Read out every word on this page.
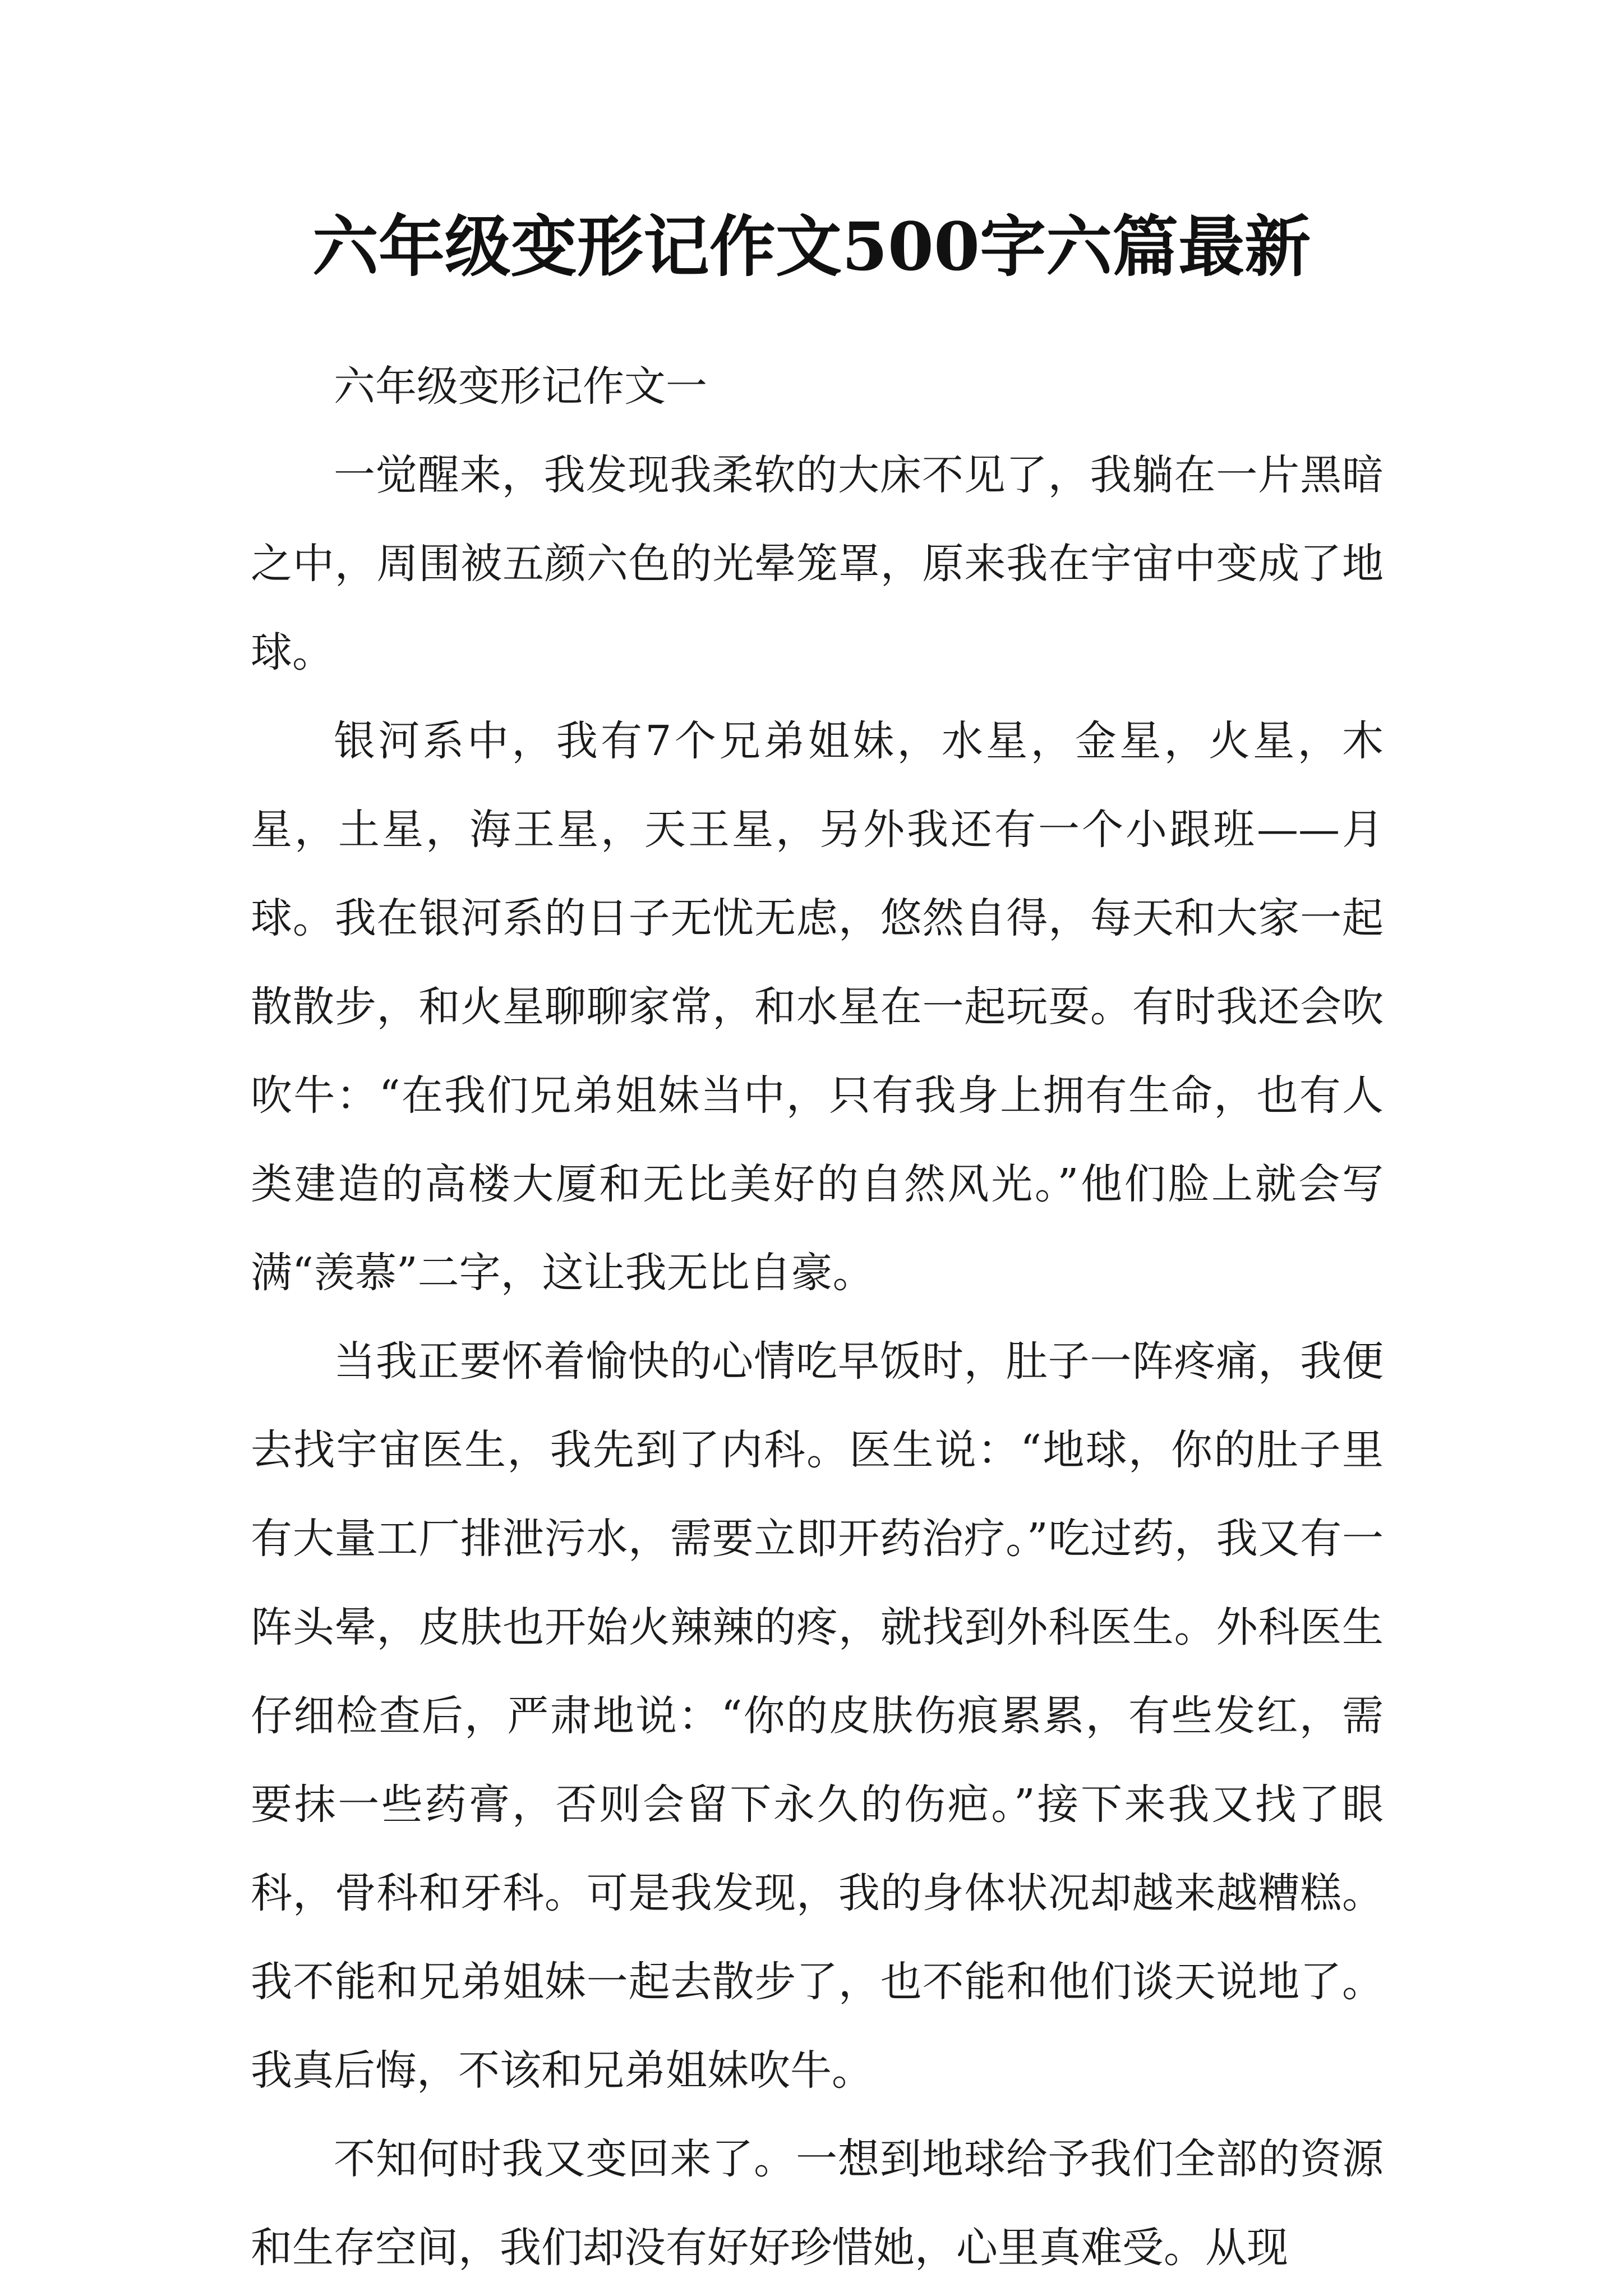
六年级变形记作文500字六篇最新

六年级变形记作文一

一觉醒来，我发现我柔软的大床不见了，我躺在一片黑暗之中，周围被五颜六色的光晕笼罩，原来我在宇宙中变成了地球。

银河系中，我有7个兄弟姐妹，水星，金星，火星，木星，土星，海王星，天王星，另外我还有一个小跟班——月球。我在银河系的日子无忧无虑，悠然自得，每天和大家一起散散步，和火星聊聊家常，和水星在一起玩耍。有时我还会吹吹牛：“在我们兄弟姐妹当中，只有我身上拥有生命，也有人类建造的高楼大厦和无比美好的自然风光。”他们脸上就会写满“羡慕”二字，这让我无比自豪。

当我正要怀着愉快的心情吃早饭时，肚子一阵疼痛，我便去找宇宙医生，我先到了内科。医生说：“地球，你的肚子里有大量工厂排泄污水，需要立即开药治疗。”吃过药，我又有一阵头晕，皮肤也开始火辣辣的疼，就找到外科医生。外科医生仔细检查后，严肃地说：“你的皮肤伤痕累累，有些发红，需要抹一些药膏，否则会留下永久的伤疤。”接下来我又找了眼科，骨科和牙科。可是我发现，我的身体状况却越来越糟糕。我不能和兄弟姐妹一起去散步了，也不能和他们谈天说地了。我真后悔，不该和兄弟姐妹吹牛。

不知何时我又变回来了。一想到地球给予我们全部的资源和生存空间，我们却没有好好珍惜她，心里真难受。从现
